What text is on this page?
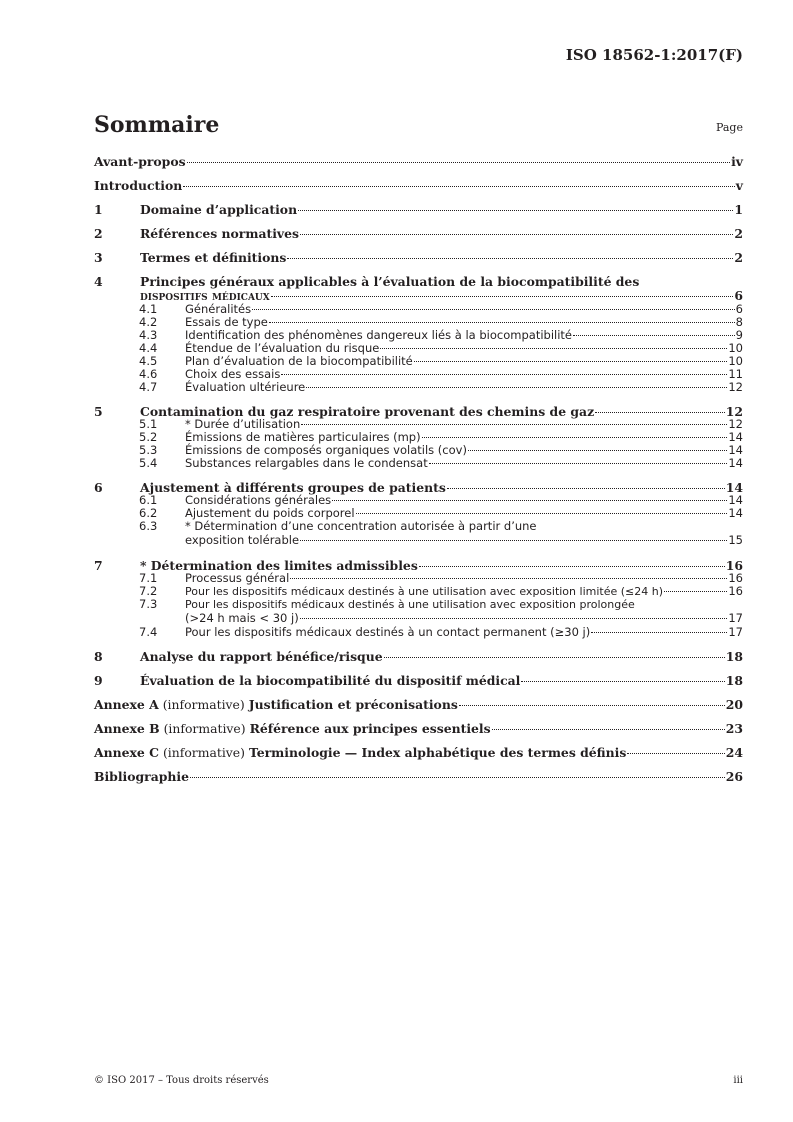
ISO 18562-1:2017(F)
Sommaire	Page
Avant-propos	iv
Introduction	v
1	Domaine d’application	1
2	Références normatives	2
3	Termes et définitions	2
4	Principes généraux applicables à l’évaluation de la biocompatibilité des
dispositifs médicaux	6
4.1	Généralités	6
4.2	Essais de type	8
4.3	Identification des phénomènes dangereux liés à la biocompatibilité	9
4.4	Étendue de l’évaluation du risque	10
4.5	Plan d’évaluation de la biocompatibilité	10
4.6	Choix des essais	11
4.7	Évaluation ultérieure	12
5	Contamination du gaz respiratoire provenant des chemins de gaz	12
5.1	* Durée d’utilisation	12
5.2	Émissions de matières particulaires (mp)	14
5.3	Émissions de composés organiques volatils (cov)	14
5.4	Substances relargables dans le condensat	14
6	Ajustement à différents groupes de patients	14
6.1	Considérations générales	14
6.2	Ajustement du poids corporel	14
6.3	* Détermination d’une concentration autorisée à partir d’une
exposition tolérable	15
7	* Détermination des limites admissibles	16
7.1	Processus général	16
7.2	Pour les dispositifs médicaux destinés à une utilisation avec exposition limitée (≤24 h)	16
7.3	Pour les dispositifs médicaux destinés à une utilisation avec exposition prolongée
(>24 h mais < 30 j)	17
7.4	Pour les dispositifs médicaux destinés à un contact permanent (≥30 j)	17
8	Analyse du rapport bénéfice/risque	18
9	Évaluation de la biocompatibilité du dispositif médical	18
Annexe A (informative) Justification et préconisations	20
Annexe B (informative) Référence aux principes essentiels	23
Annexe C (informative) Terminologie — Index alphabétique des termes définis	24
Bibliographie	26
© ISO 2017 – Tous droits réservés	iii
